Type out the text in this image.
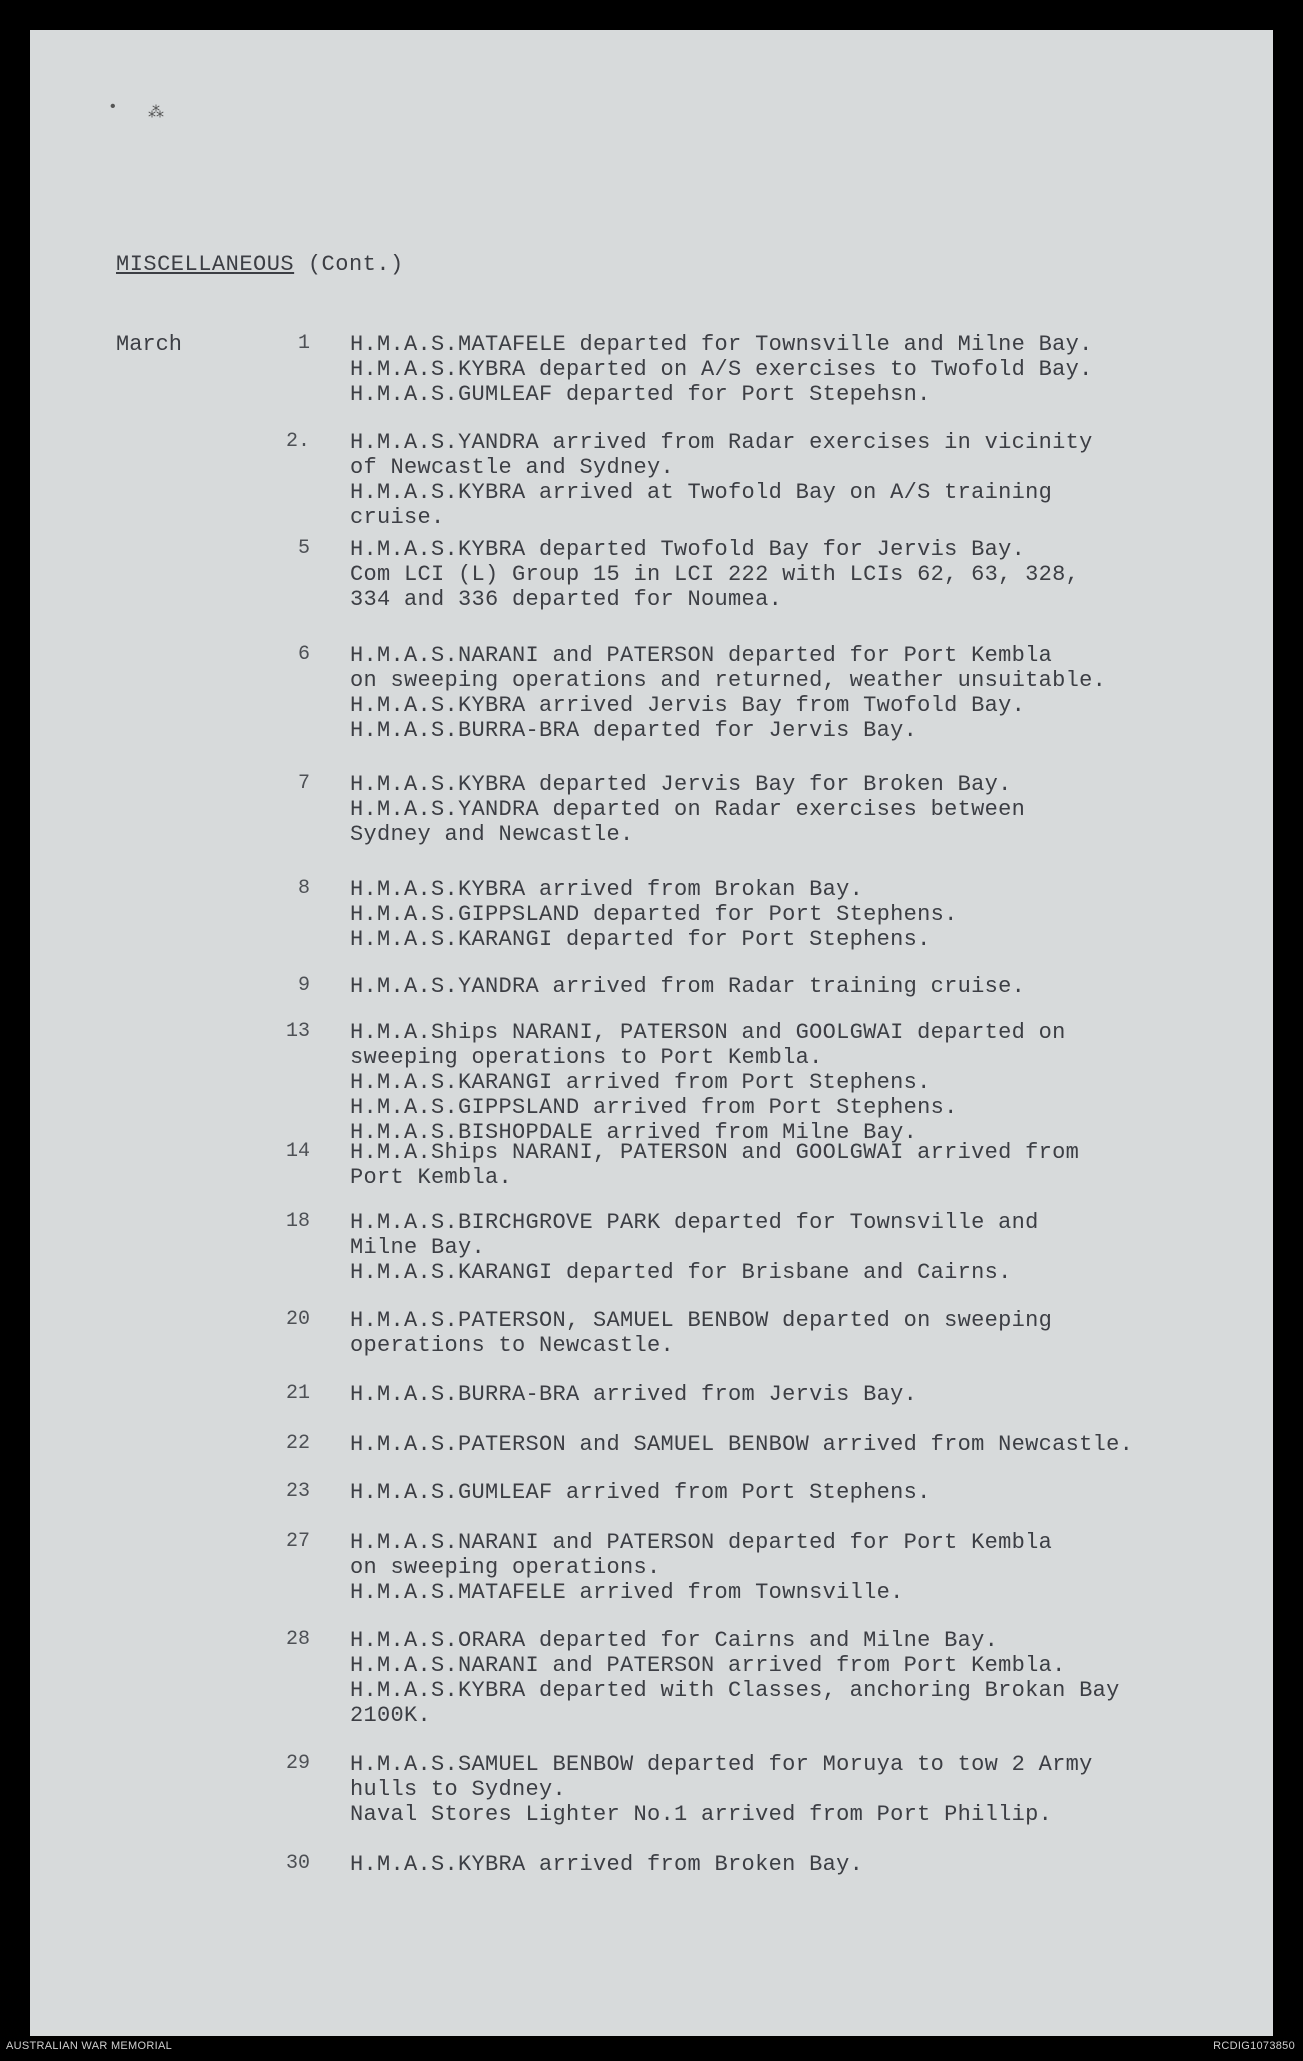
• ⁂
MISCELLANEOUS (Cont.)
March	1 H.M.A.S.MATAFELE departed for Townsville and Milne Bay.
H.M.A.S.KYBRA departed on A/S exercises to Twofold Bay.
H.M.A.S.GUMLEAF departed for Port Stepehsn.
2. H.M.A.S.YANDRA arrived from Radar exercises in vicinity
of Newcastle and Sydney.
H.M.A.S.KYBRA arrived at Twofold Bay on A/S training
cruise.
5 H.M.A.S.KYBRA departed Twofold Bay for Jervis Bay.
Com LCI (L) Group 15 in LCI 222 with LCIs 62, 63, 328,
334 and 336 departed for Noumea.
6 H.M.A.S.NARANI and PATERSON departed for Port Kembla
on sweeping operations and returned, weather unsuitable.
H.M.A.S.KYBRA arrived Jervis Bay from Twofold Bay.
H.M.A.S.BURRA-BRA departed for Jervis Bay.
7 H.M.A.S.KYBRA departed Jervis Bay for Broken Bay.
H.M.A.S.YANDRA departed on Radar exercises between
Sydney and Newcastle.
8 H.M.A.S.KYBRA arrived from Brokan Bay.
H.M.A.S.GIPPSLAND departed for Port Stephens.
H.M.A.S.KARANGI departed for Port Stephens.
9 H.M.A.S.YANDRA arrived from Radar training cruise.
13 H.M.A.Ships NARANI, PATERSON and GOOLGWAI departed on
sweeping operations to Port Kembla.
H.M.A.S.KARANGI arrived from Port Stephens.
H.M.A.S.GIPPSLAND arrived from Port Stephens.
H.M.A.S.BISHOPDALE arrived from Milne Bay.
14 H.M.A.Ships NARANI, PATERSON and GOOLGWAI arrived from
Port Kembla.
18 H.M.A.S.BIRCHGROVE PARK departed for Townsville and
Milne Bay.
H.M.A.S.KARANGI departed for Brisbane and Cairns.
20 H.M.A.S.PATERSON, SAMUEL BENBOW departed on sweeping
operations to Newcastle.
21 H.M.A.S.BURRA-BRA arrived from Jervis Bay.
22 H.M.A.S.PATERSON and SAMUEL BENBOW arrived from Newcastle.
23 H.M.A.S.GUMLEAF arrived from Port Stephens.
27 H.M.A.S.NARANI and PATERSON departed for Port Kembla
on sweeping operations.
H.M.A.S.MATAFELE arrived from Townsville.
28 H.M.A.S.ORARA departed for Cairns and Milne Bay.
H.M.A.S.NARANI and PATERSON arrived from Port Kembla.
H.M.A.S.KYBRA departed with Classes, anchoring Brokan Bay
2100K.
29 H.M.A.S.SAMUEL BENBOW departed for Moruya to tow 2 Army
hulls to Sydney.
Naval Stores Lighter No.1 arrived from Port Phillip.
30 H.M.A.S.KYBRA arrived from Broken Bay.
AUSTRALIAN WAR MEMORIAL	RCDIG1073850
